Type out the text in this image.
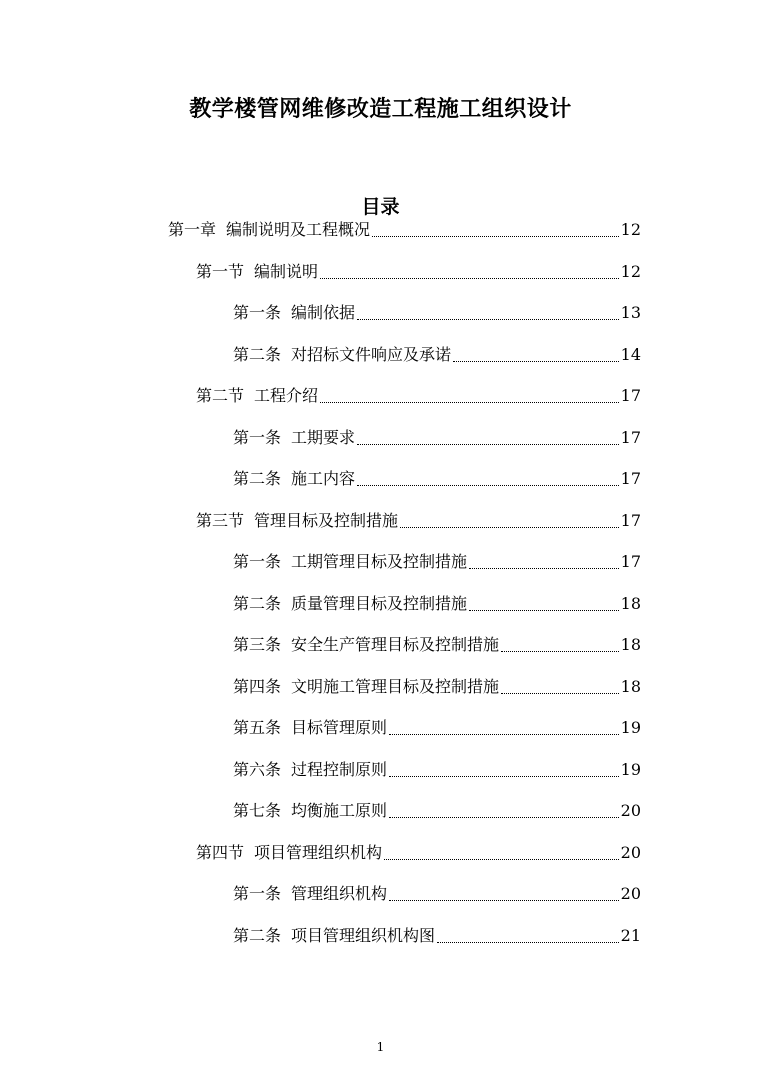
教学楼管网维修改造工程施工组织设计
目录
第一章 编制说明及工程概况	12
第一节 编制说明	12
第一条 编制依据	13
第二条 对招标文件响应及承诺	14
第二节 工程介绍	17
第一条 工期要求	17
第二条 施工内容	17
第三节 管理目标及控制措施	17
第一条 工期管理目标及控制措施	17
第二条 质量管理目标及控制措施	18
第三条 安全生产管理目标及控制措施	18
第四条 文明施工管理目标及控制措施	18
第五条 目标管理原则	19
第六条 过程控制原则	19
第七条 均衡施工原则	20
第四节 项目管理组织机构	20
第一条 管理组织机构	20
第二条 项目管理组织机构图	21
1
